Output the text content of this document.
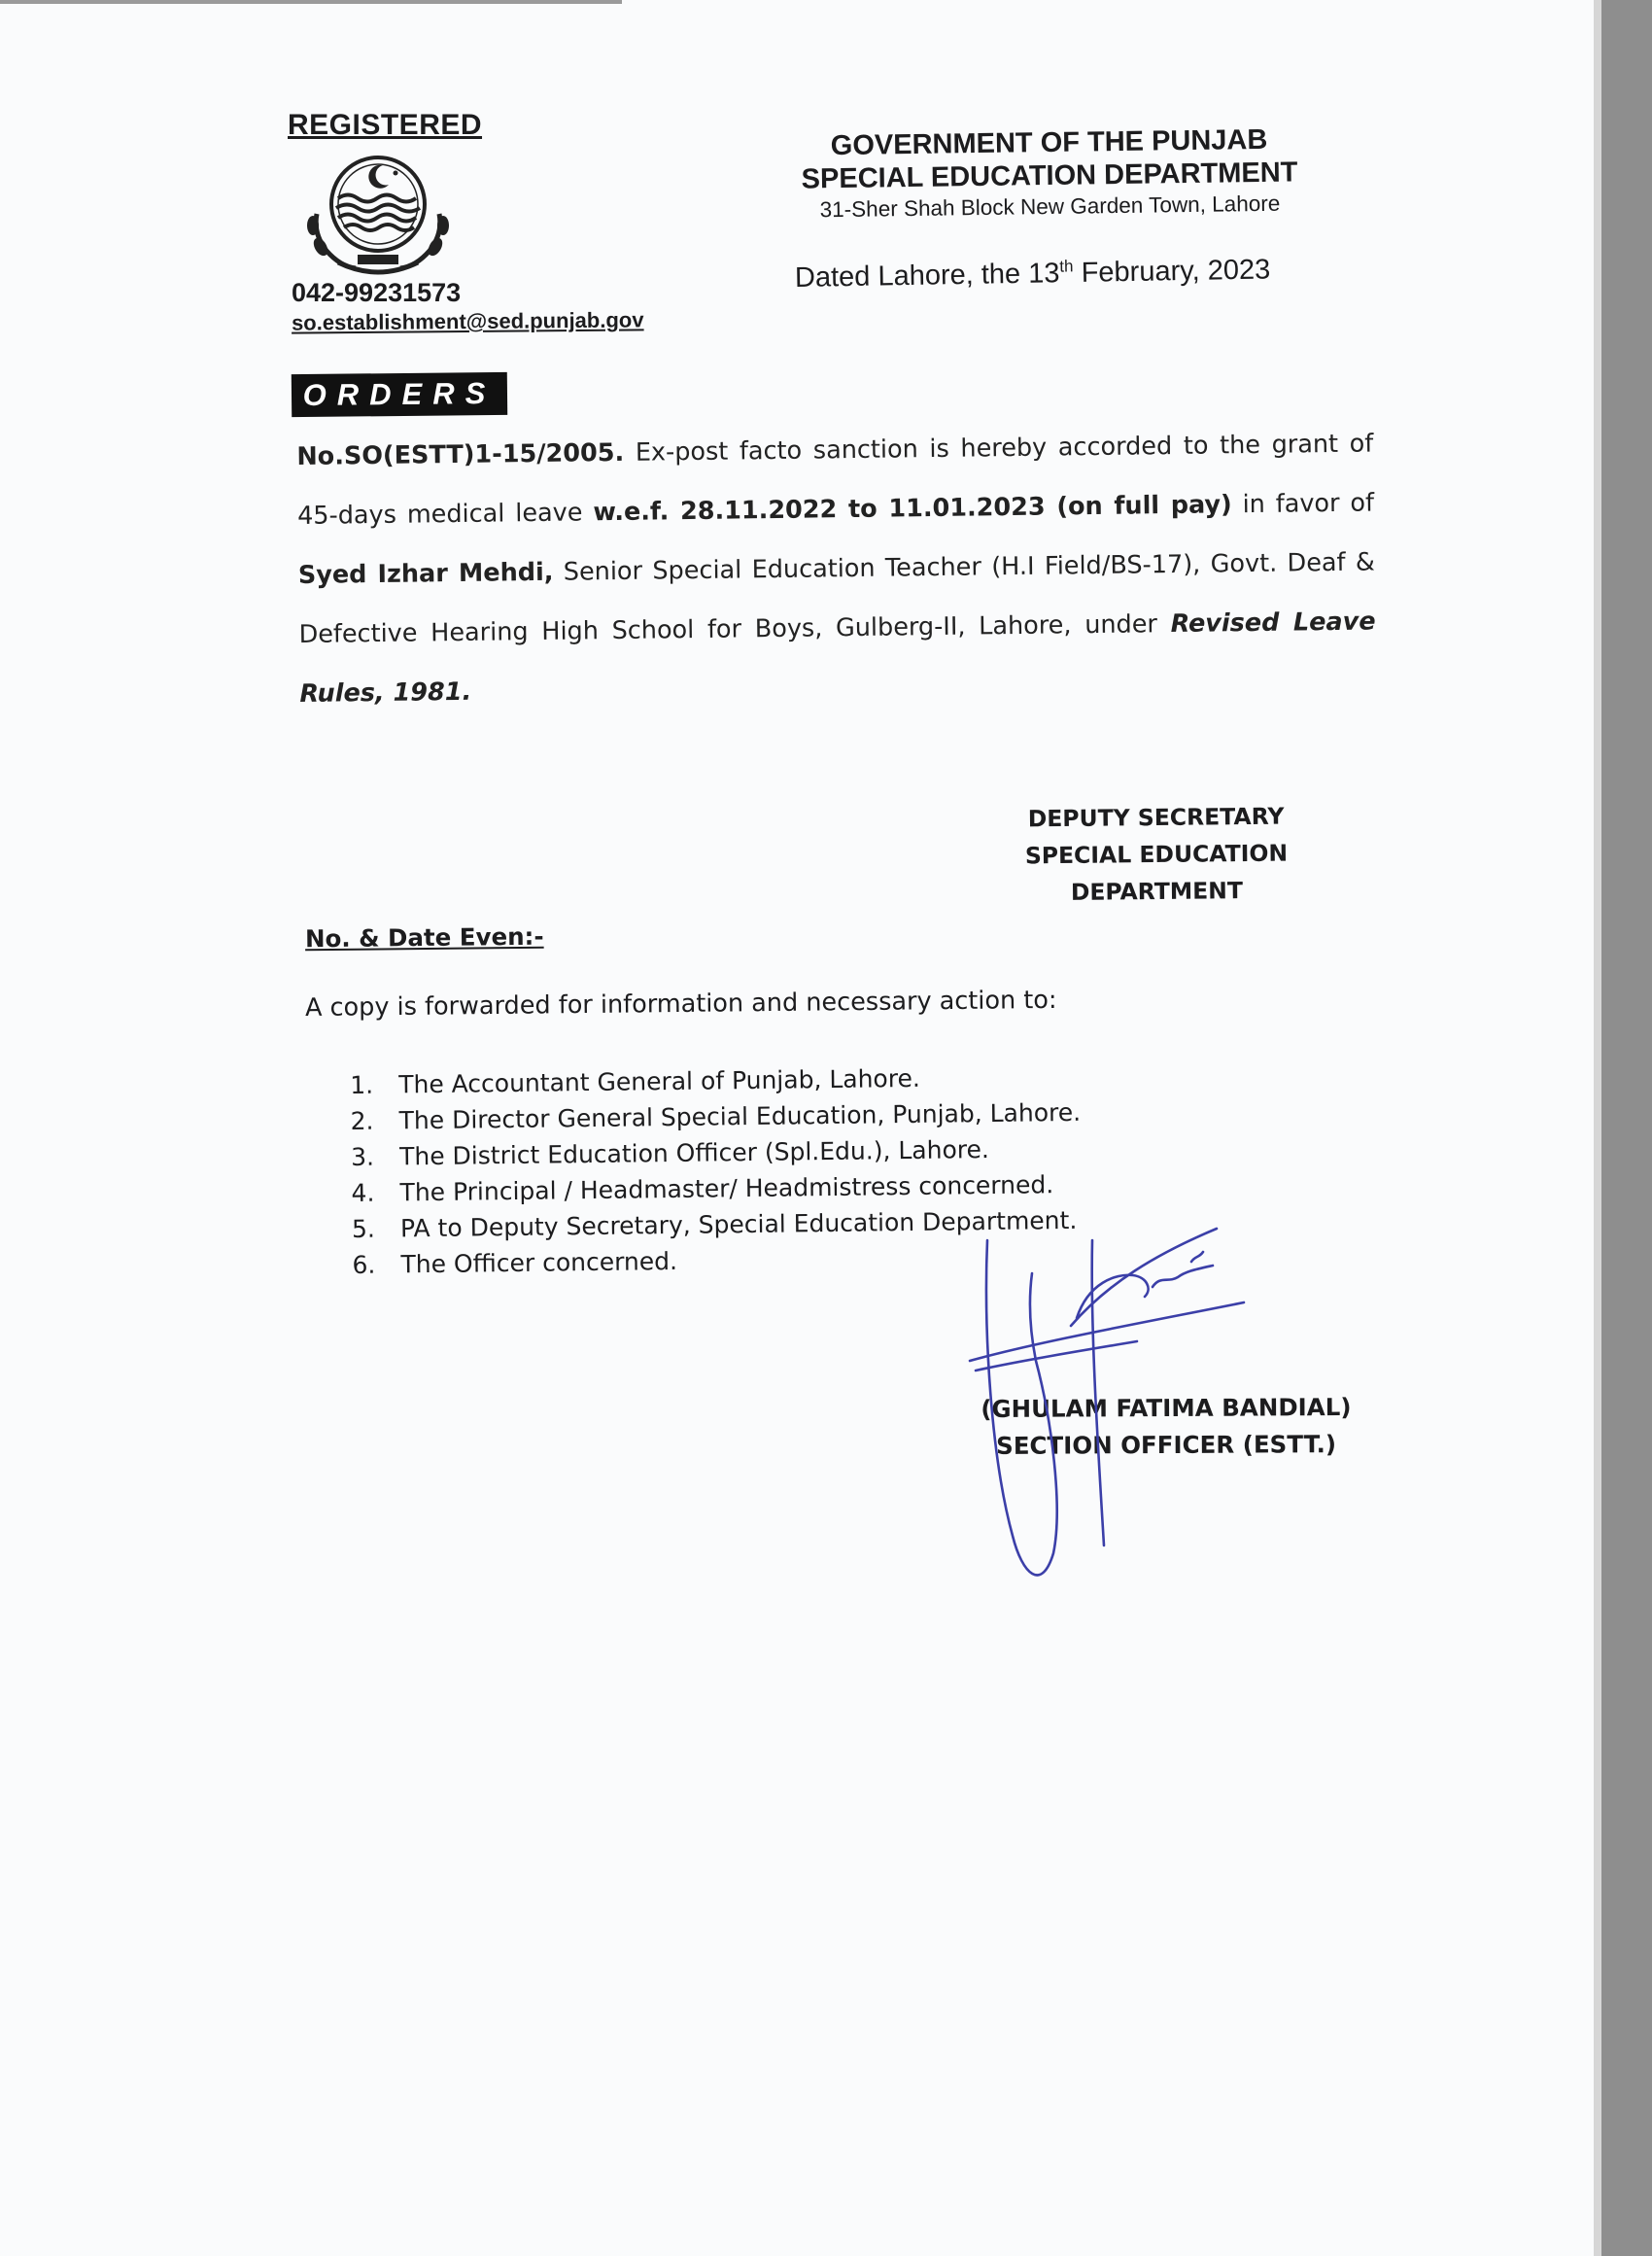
REGISTERED
042-99231573
so.establishment@sed.punjab.gov
GOVERNMENT OF THE PUNJAB
SPECIAL EDUCATION DEPARTMENT
31-Sher Shah Block New Garden Town, Lahore
Dated Lahore, the 13th February, 2023
ORDERS
No.SO(ESTT)1-15/2005. Ex-post facto sanction is hereby accorded to the grant of 45-days medical leave w.e.f. 28.11.2022 to 11.01.2023 (on full pay) in favor of Syed Izhar Mehdi, Senior Special Education Teacher (H.I Field/BS-17), Govt. Deaf & Defective Hearing High School for Boys, Gulberg-II, Lahore, under Revised Leave Rules, 1981.
DEPUTY SECRETARY
SPECIAL EDUCATION
DEPARTMENT
No. & Date Even:-
A copy is forwarded for information and necessary action to:
1. The Accountant General of Punjab, Lahore.
2. The Director General Special Education, Punjab, Lahore.
3. The District Education Officer (Spl.Edu.), Lahore.
4. The Principal / Headmaster/ Headmistress concerned.
5. PA to Deputy Secretary, Special Education Department.
6. The Officer concerned.
(GHULAM FATIMA BANDIAL)
SECTION OFFICER (ESTT.)
